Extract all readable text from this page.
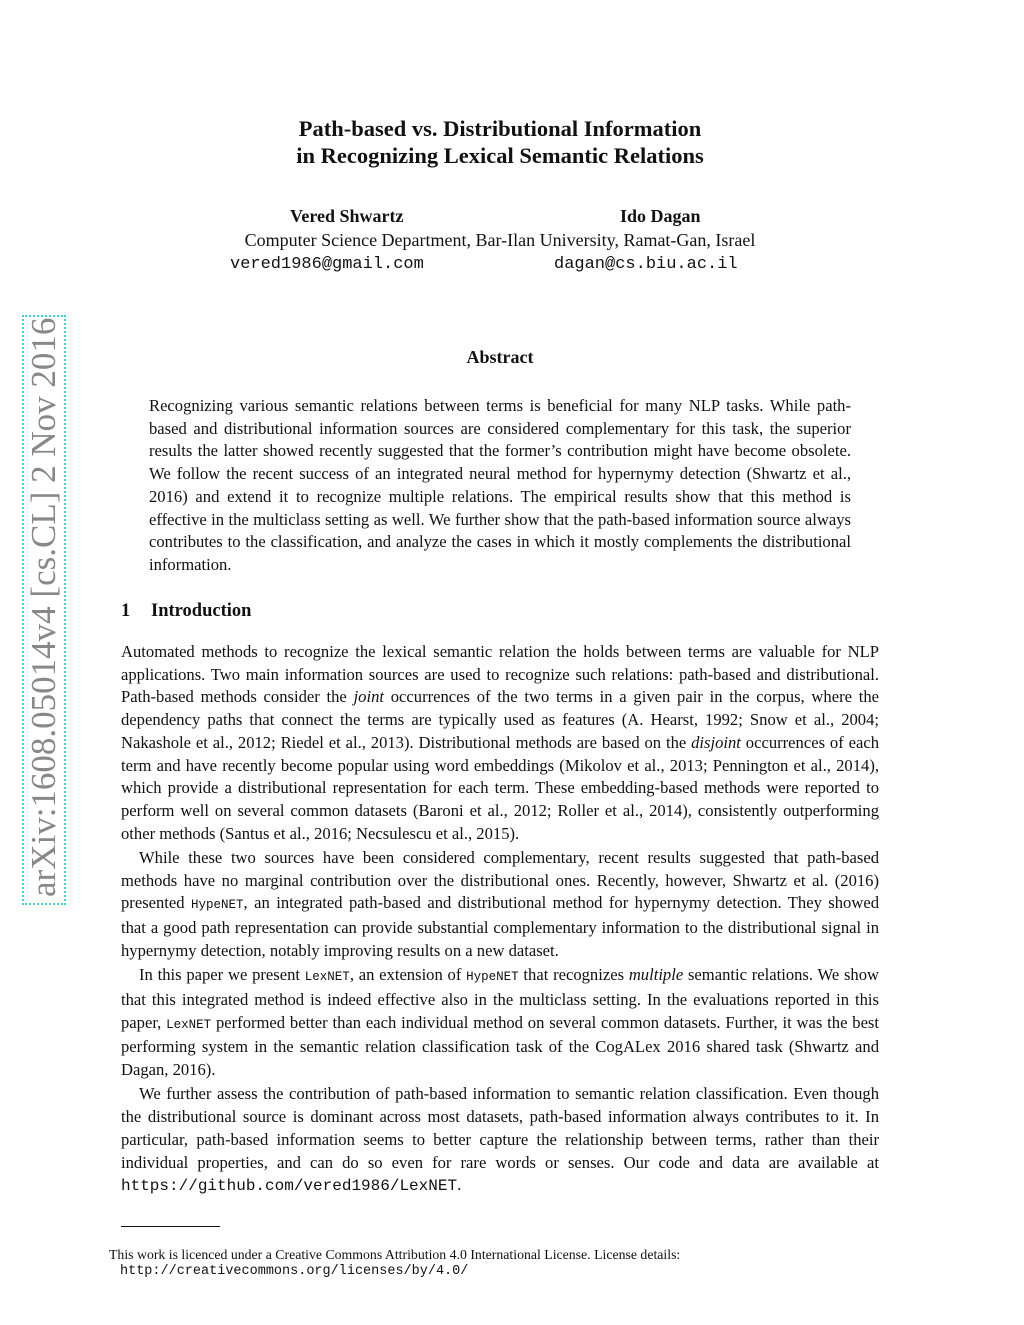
arXiv:1608.05014v4 [cs.CL] 2 Nov 2016
Path-based vs. Distributional Information
in Recognizing Lexical Semantic Relations
Vered Shwartz	Ido Dagan
Computer Science Department, Bar-Ilan University, Ramat-Gan, Israel
vered1986@gmail.com	dagan@cs.biu.ac.il
Abstract

Recognizing various semantic relations between terms is beneficial for many NLP tasks. While path-based and distributional information sources are considered complementary for this task, the superior results the latter showed recently suggested that the former’s contribution might have become obsolete. We follow the recent success of an integrated neural method for hypernymy detection (Shwartz et al., 2016) and extend it to recognize multiple relations. The empirical results show that this method is effective in the multiclass setting as well. We further show that the path-based information source always contributes to the classification, and analyze the cases in which it mostly complements the distributional information.

1 Introduction

Automated methods to recognize the lexical semantic relation the holds between terms are valuable for NLP applications. Two main information sources are used to recognize such relations: path-based and distributional. Path-based methods consider the joint occurrences of the two terms in a given pair in the corpus, where the dependency paths that connect the terms are typically used as features (A. Hearst, 1992; Snow et al., 2004; Nakashole et al., 2012; Riedel et al., 2013). Distributional methods are based on the disjoint occurrences of each term and have recently become popular using word embeddings (Mikolov et al., 2013; Pennington et al., 2014), which provide a distributional representation for each term. These embedding-based methods were reported to perform well on several common datasets (Baroni et al., 2012; Roller et al., 2014), consistently outperforming other methods (Santus et al., 2016; Necsulescu et al., 2015).

While these two sources have been considered complementary, recent results suggested that path-based methods have no marginal contribution over the distributional ones. Recently, however, Shwartz et al. (2016) presented HypeNET, an integrated path-based and distributional method for hypernymy detection. They showed that a good path representation can provide substantial complementary information to the distributional signal in hypernymy detection, notably improving results on a new dataset.

In this paper we present LexNET, an extension of HypeNET that recognizes multiple semantic relations. We show that this integrated method is indeed effective also in the multiclass setting. In the evaluations reported in this paper, LexNET performed better than each individual method on several common datasets. Further, it was the best performing system in the semantic relation classification task of the CogALex 2016 shared task (Shwartz and Dagan, 2016).

We further assess the contribution of path-based information to semantic relation classification. Even though the distributional source is dominant across most datasets, path-based information always contributes to it. In particular, path-based information seems to better capture the relationship between terms, rather than their individual properties, and can do so even for rare words or senses. Our code and data are available at https://github.com/vered1986/LexNET.

This work is licenced under a Creative Commons Attribution 4.0 International License. License details:
http://creativecommons.org/licenses/by/4.0/
